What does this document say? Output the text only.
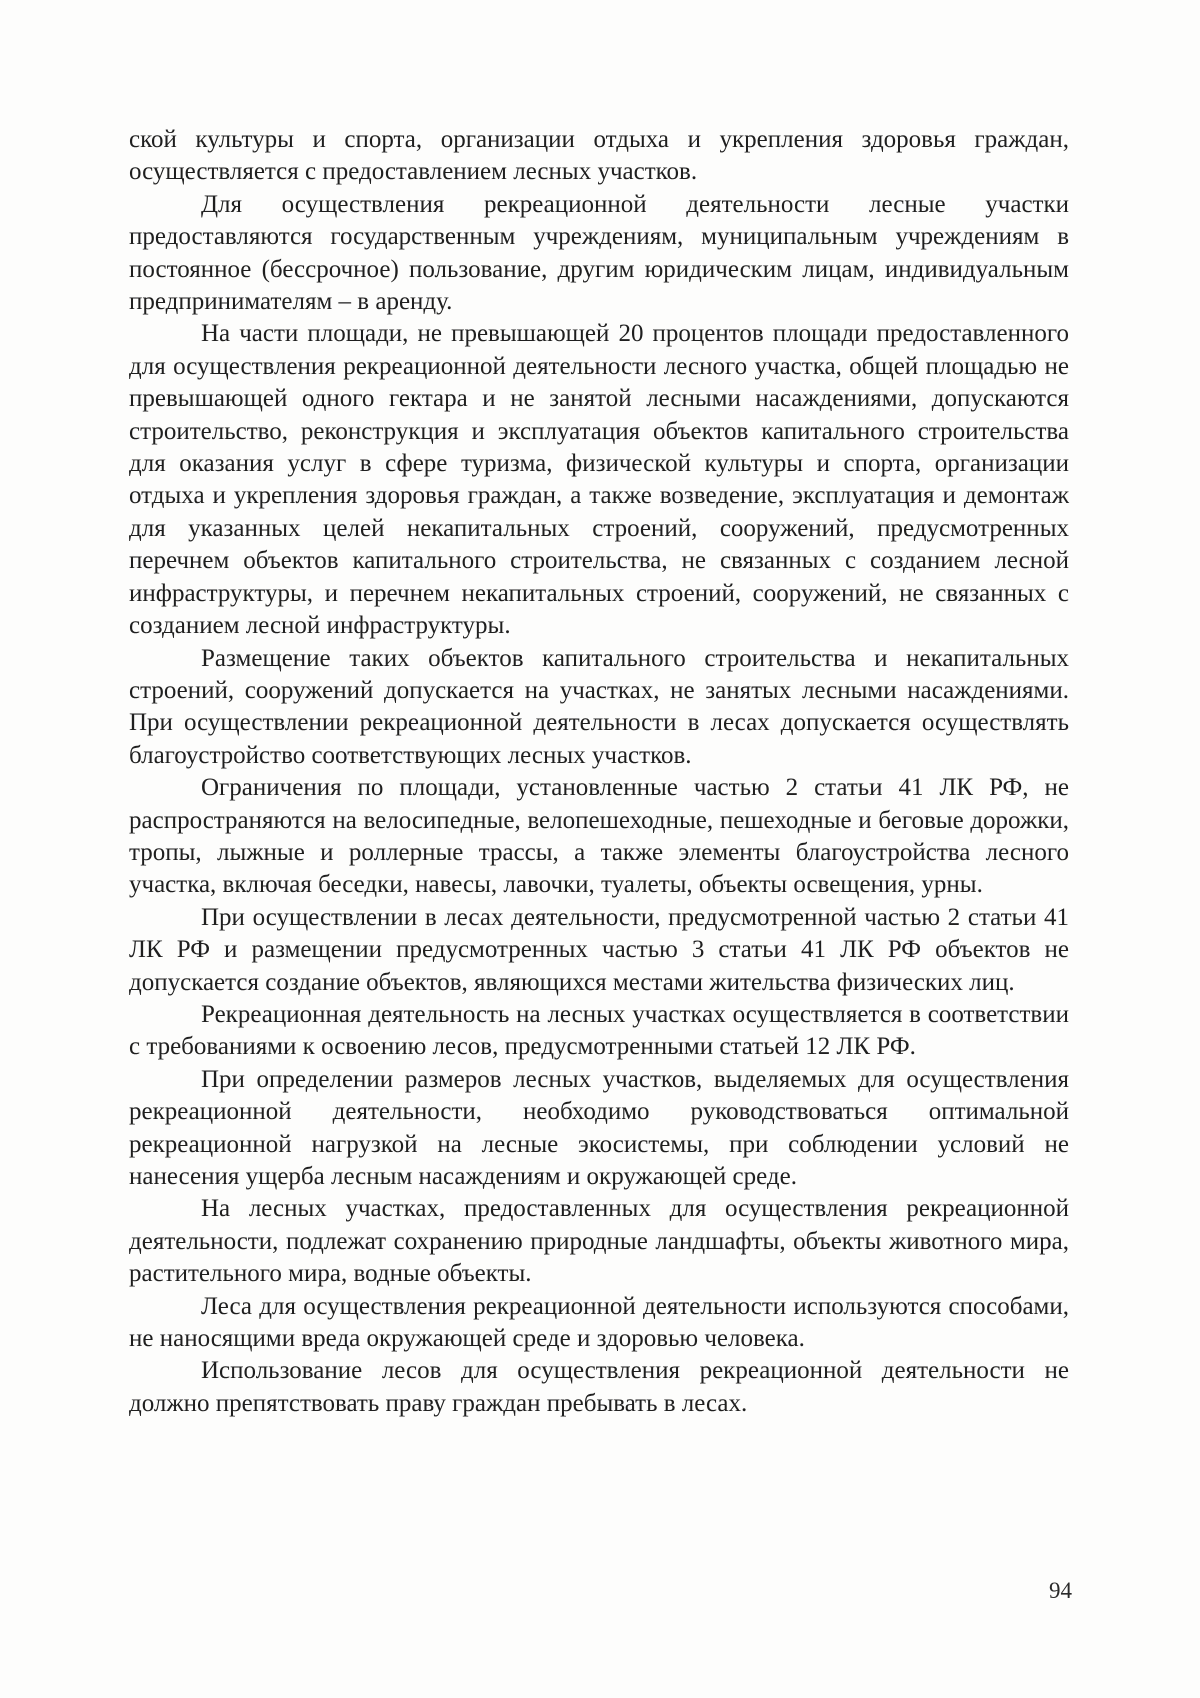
ской культуры и спорта, организации отдыха и укрепления здоровья граждан, осуществляется с предоставлением лесных участков.

Для осуществления рекреационной деятельности лесные участки предоставляются государственным учреждениям, муниципальным учреждениям в постоянное (бессрочное) пользование, другим юридическим лицам, индивидуальным предпринимателям – в аренду.

На части площади, не превышающей 20 процентов площади предоставленного для осуществления рекреационной деятельности лесного участка, общей площадью не превышающей одного гектара и не занятой лесными насаждениями, допускаются строительство, реконструкция и эксплуатация объектов капитального строительства для оказания услуг в сфере туризма, физической культуры и спорта, организации отдыха и укрепления здоровья граждан, а также возведение, эксплуатация и демонтаж для указанных целей некапитальных строений, сооружений, предусмотренных перечнем объектов капитального строительства, не связанных с созданием лесной инфраструктуры, и перечнем некапитальных строений, сооружений, не связанных с созданием лесной инфраструктуры.

Размещение таких объектов капитального строительства и некапитальных строений, сооружений допускается на участках, не занятых лесными насаждениями. При осуществлении рекреационной деятельности в лесах допускается осуществлять благоустройство соответствующих лесных участков.

Ограничения по площади, установленные частью 2 статьи 41 ЛК РФ, не распространяются на велосипедные, велопешеходные, пешеходные и беговые дорожки, тропы, лыжные и роллерные трассы, а также элементы благоустройства лесного участка, включая беседки, навесы, лавочки, туалеты, объекты освещения, урны.

При осуществлении в лесах деятельности, предусмотренной частью 2 статьи 41 ЛК РФ и размещении предусмотренных частью 3 статьи 41 ЛК РФ объектов не допускается создание объектов, являющихся местами жительства физических лиц.

Рекреационная деятельность на лесных участках осуществляется в соответствии с требованиями к освоению лесов, предусмотренными статьей 12 ЛК РФ.

При определении размеров лесных участков, выделяемых для осуществления рекреационной деятельности, необходимо руководствоваться оптимальной рекреационной нагрузкой на лесные экосистемы, при соблюдении условий не нанесения ущерба лесным насаждениям и окружающей среде.

На лесных участках, предоставленных для осуществления рекреационной деятельности, подлежат сохранению природные ландшафты, объекты животного мира, растительного мира, водные объекты.

Леса для осуществления рекреационной деятельности используются способами, не наносящими вреда окружающей среде и здоровью человека.

Использование лесов для осуществления рекреационной деятельности не должно препятствовать праву граждан пребывать в лесах.

94
